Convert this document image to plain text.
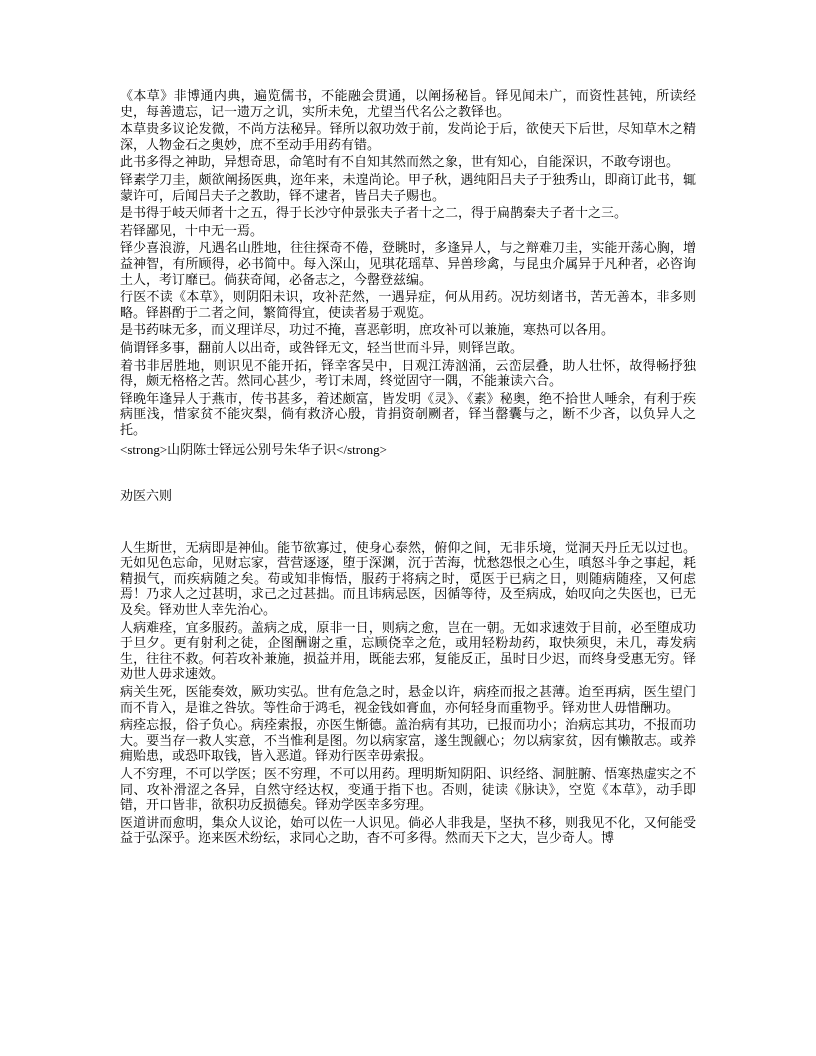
《本草》非博通内典，遍览儒书，不能融会贯通，以阐扬秘旨。铎见闻未广，而资性甚钝，所读经史，每善遗忘，记一遗万之讥，实所未免，尤望当代名公之教铎也。

本草贵多议论发微，不尚方法秘异。铎所以叙功效于前，发尚论于后，欲使天下后世，尽知草木之精深，人物金石之奥妙，庶不至动手用药有错。

此书多得之神助，异想奇思，命笔时有不自知其然而然之象，世有知心，自能深识，不敢夸诩也。

铎素学刀圭，颇欲阐扬医典，迩年来，未遑尚论。甲子秋，遇纯阳吕夫子于独秀山，即商订此书，辄蒙许可，后闻吕夫子之教助，铎不逮者，皆吕夫子赐也。

是书得于岐天师者十之五，得于长沙守仲景张夫子者十之二，得于扁鹊秦夫子者十之三。

若铎鄙见，十中无一焉。

铎少喜浪游，凡遇名山胜地，往往探奇不倦，登眺时，多逢异人，与之辩难刀圭，实能开荡心胸，增益神智，有所顾得，必书简中。每入深山，见琪花瑶草、异兽珍禽，与昆虫介属异于凡种者，必咨询土人，考订靡已。倘获奇闻，必备志之，今罄登兹编。

行医不读《本草》，则阴阳未识，攻补茫然，一遇异症，何从用药。况坊刻诸书，苦无善本，非多则略。铎斟酌于二者之间，繁简得宜，使读者易于观览。

是书药味无多，而义理详尽，功过不掩，喜恶彰明，庶攻补可以兼施，寒热可以各用。

倘谓铎多事，翻前人以出奇，或咎铎无文，轻当世而斗异，则铎岂敢。

着书非居胜地，则识见不能开拓，铎幸客吴中，日观江涛汹涌，云峦层叠，助人壮怀，故得畅抒独得，颇无格格之苦。然同心甚少，考订未周，终觉固守一隅，不能兼读六合。

铎晚年逢异人于燕市，传书甚多，着述颇富，皆发明《灵》、《素》秘奥，绝不拾世人唾余，有利于疾病匪浅，惜家贫不能灾梨，倘有救济心殷，肯捐资剞劂者，铎当罄囊与之，断不少吝，以负异人之托。

<strong>山阴陈士铎远公别号朱华子识</strong>

劝医六则

人生斯世，无病即是神仙。能节欲寡过，使身心泰然，俯仰之间，无非乐境，觉洞天丹丘无以过也。无如见色忘命，见财忘家，营营逐逐，堕于深渊，沉于苦海，忧愁怨恨之心生，嗔怒斗争之事起，耗精损气，而疾病随之矣。苟或知非悔悟，服药于将病之时，觅医于已病之日，则随病随痊，又何虑焉！乃求人之过甚明，求己之过甚拙。而且讳病忌医，因循等待，及至病成，始叹向之失医也，已无及矣。铎劝世人幸先治心。

人病难痊，宜多服药。盖病之成，原非一日，则病之愈，岂在一朝。无如求速效于目前，必至堕成功于旦夕。更有射利之徒，企图酬谢之重，忘顾侥幸之危，或用轻粉劫药，取快须臾，未几，毒发病生，往往不救。何若攻补兼施，损益并用，既能去邪，复能反正，虽时日少迟，而终身受惠无穷。铎劝世人毋求速效。

病关生死，医能奏效，厥功实弘。世有危急之时，悬金以许，病痊而报之甚薄。迨至再病，医生望门而不肯入，是谁之咎欤。等性命于鸿毛，视金钱如膏血，亦何轻身而重物乎。铎劝世人毋惜酬功。

病痊忘报，俗子负心。病痊索报，亦医生惭德。盖治病有其功，已报而功小；治病忘其功，不报而功大。要当存一救人实意，不当惟利是图。勿以病家富，遂生觊觎心；勿以病家贫，因有懒散志。或养痈贻患，或恐吓取钱，皆入恶道。铎劝行医幸毋索报。

人不穷理，不可以学医；医不穷理，不可以用药。理明斯知阴阳、识经络、洞脏腑、悟寒热虚实之不同、攻补滑涩之各异，自然守经达权，变通于指下也。否则，徒读《脉诀》，空览《本草》，动手即错，开口皆非，欲积功反损德矣。铎劝学医幸多穷理。

医道讲而愈明，集众人议论，始可以佐一人识见。倘必人非我是，坚执不移，则我见不化，又何能受益于弘深乎。迩来医术纷纭，求同心之助，杳不可多得。然而天下之大，岂少奇人。博
